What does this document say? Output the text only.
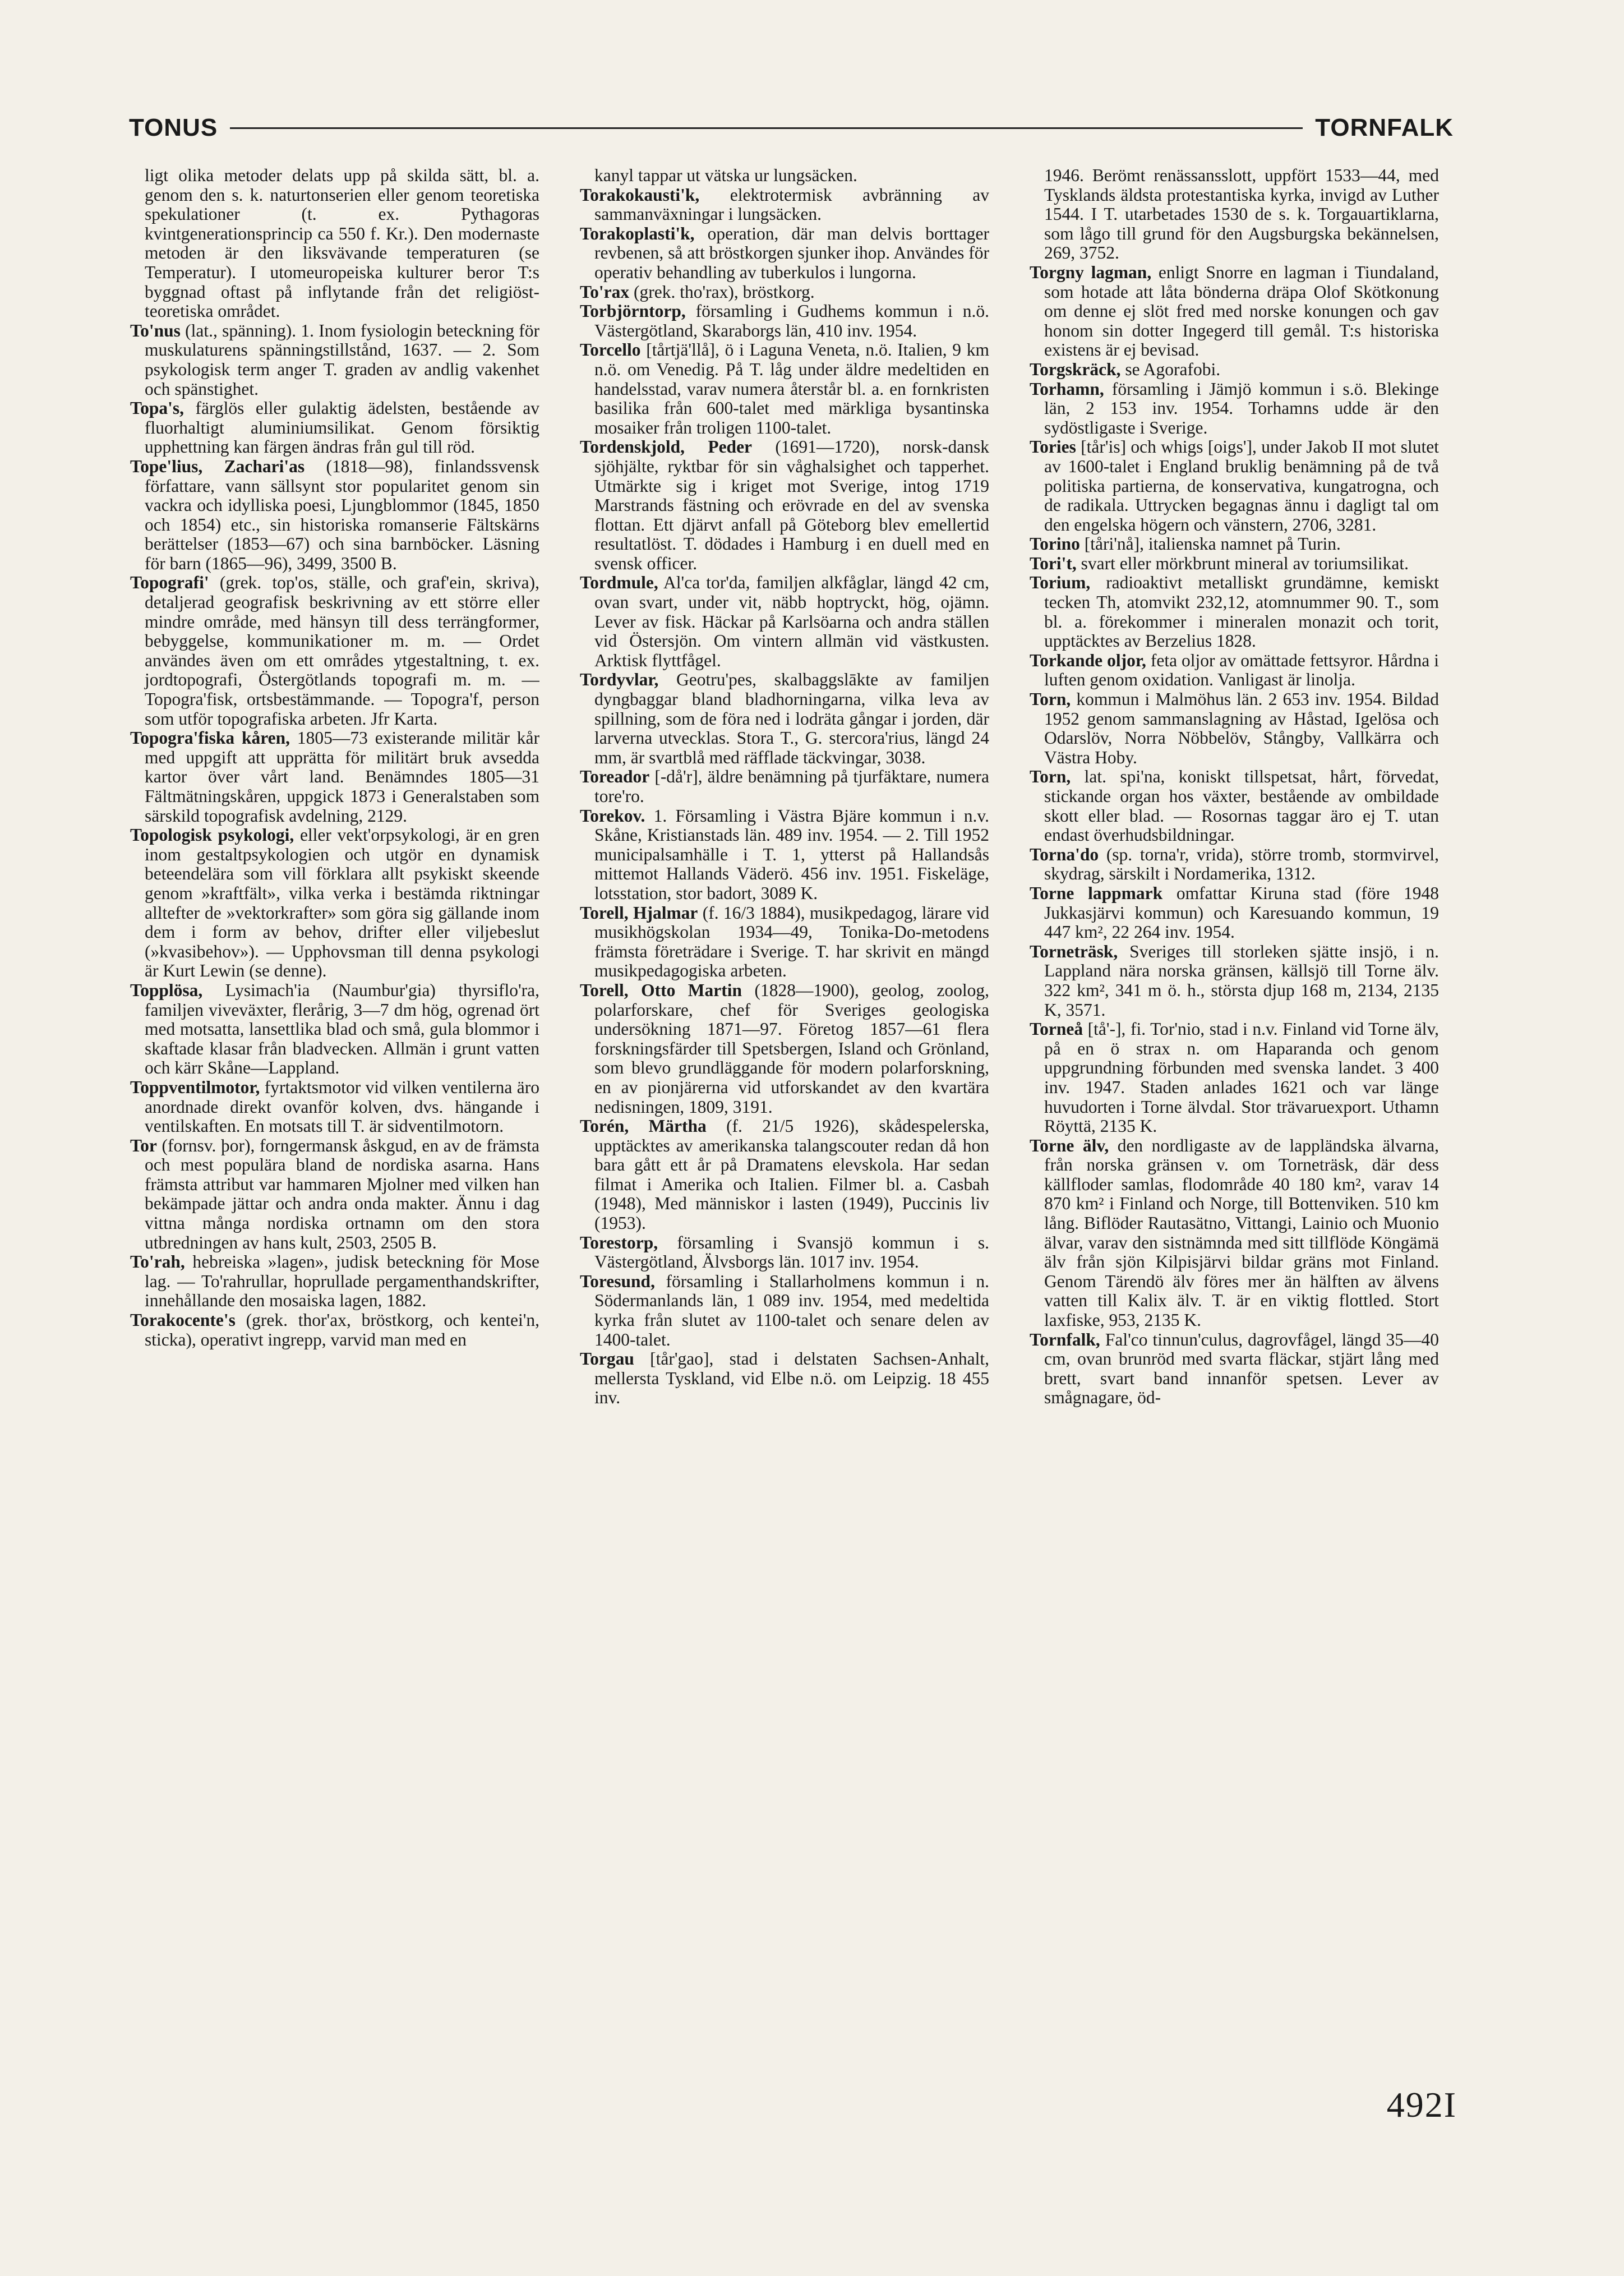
TONUS	TORNFALK

ligt olika metoder delats upp på skilda sätt, bl. a. genom den s. k. naturtonserien eller genom teoretiska spekulationer (t. ex. Pythagoras kvintgenerationsprincip ca 550 f. Kr.). Den modernaste metoden är den liksvävande temperaturen (se Temperatur). I utomeuropeiska kulturer beror T:s byggnad oftast på inflytande från det religiöst-teoretiska området.

To'nus (lat., spänning). 1. Inom fysiologin beteckning för muskulaturens spänningstillstånd, 1637. — 2. Som psykologisk term anger T. graden av andlig vakenhet och spänstighet.

Topa's, färglös eller gulaktig ädelsten, bestående av fluorhaltigt aluminiumsilikat. Genom försiktig upphettning kan färgen ändras från gul till röd.

Tope'lius, Zachari'as (1818—98), finlandssvensk författare, vann sällsynt stor popularitet genom sin vackra och idylliska poesi, Ljungblommor (1845, 1850 och 1854) etc., sin historiska romanserie Fältskärns berättelser (1853—67) och sina barnböcker. Läsning för barn (1865—96), 3499, 3500 B.

Topografi' (grek. top'os, ställe, och graf'ein, skriva), detaljerad geografisk beskrivning av ett större eller mindre område, med hänsyn till dess terrängformer, bebyggelse, kommunikationer m. m. — Ordet användes även om ett områdes ytgestaltning, t. ex. jordtopografi, Östergötlands topografi m. m. — Topogra'fisk, ortsbestämmande. — Topogra'f, person som utför topografiska arbeten. Jfr Karta.

Topogra'fiska kåren, 1805—73 existerande militär kår med uppgift att upprätta för militärt bruk avsedda kartor över vårt land. Benämndes 1805—31 Fältmätningskåren, uppgick 1873 i Generalstaben som särskild topografisk avdelning, 2129.

Topologisk psykologi, eller vekt'orpsykologi, är en gren inom gestaltpsykologien och utgör en dynamisk beteendelära som vill förklara allt psykiskt skeende genom »kraftfält», vilka verka i bestämda riktningar alltefter de »vektorkrafter» som göra sig gällande inom dem i form av behov, drifter eller viljebeslut (»kvasibehov»). — Upphovsman till denna psykologi är Kurt Lewin (se denne).

Topplösa, Lysimach'ia (Naumbur'gia) thyrsiflo'ra, familjen viveväxter, flerårig, 3—7 dm hög, ogrenad ört med motsatta, lansettlika blad och små, gula blommor i skaftade klasar från bladvecken. Allmän i grunt vatten och kärr Skåne—Lappland.

Toppventilmotor, fyrtaktsmotor vid vilken ventilerna äro anordnade direkt ovanför kolven, dvs. hängande i ventilskaften. En motsats till T. är sidventilmotorn.

Tor (fornsv. þor), forngermansk åskgud, en av de främsta och mest populära bland de nordiska asarna. Hans främsta attribut var hammaren Mjolner med vilken han bekämpade jättar och andra onda makter. Ännu i dag vittna många nordiska ortnamn om den stora utbredningen av hans kult, 2503, 2505 B.

To'rah, hebreiska »lagen», judisk beteckning för Mose lag. — To'rahrullar, hoprullade pergamenthandskrifter, innehållande den mosaiska lagen, 1882.

Torakocente's (grek. thor'ax, bröstkorg, och kentei'n, sticka), operativt ingrepp, varvid man med en

kanyl tappar ut vätska ur lungsäcken.

Torakokausti'k, elektrotermisk avbränning av sammanväxningar i lungsäcken.

Torakoplasti'k, operation, där man delvis borttager revbenen, så att bröstkorgen sjunker ihop. Användes för operativ behandling av tuberkulos i lungorna.

To'rax (grek. tho'rax), bröstkorg.

Torbjörntorp, församling i Gudhems kommun i n.ö. Västergötland, Skaraborgs län, 410 inv. 1954.

Torcello [tårtjä'llå], ö i Laguna Veneta, n.ö. Italien, 9 km n.ö. om Venedig. På T. låg under äldre medeltiden en handelsstad, varav numera återstår bl. a. en fornkristen basilika från 600-talet med märkliga bysantinska mosaiker från troligen 1100-talet.

Tordenskjold, Peder (1691—1720), norsk-dansk sjöhjälte, ryktbar för sin våghalsighet och tapperhet. Utmärkte sig i kriget mot Sverige, intog 1719 Marstrands fästning och erövrade en del av svenska flottan. Ett djärvt anfall på Göteborg blev emellertid resultatlöst. T. dödades i Hamburg i en duell med en svensk officer.

Tordmule, Al'ca tor'da, familjen alkfåglar, längd 42 cm, ovan svart, under vit, näbb hoptryckt, hög, ojämn. Lever av fisk. Häckar på Karlsöarna och andra ställen vid Östersjön. Om vintern allmän vid västkusten. Arktisk flyttfågel.

Tordyvlar, Geotru'pes, skalbaggslākte av familjen dyngbaggar bland bladhorningarna, vilka leva av spillning, som de föra ned i lodräta gångar i jorden, där larverna utvecklas. Stora T., G. stercora'rius, längd 24 mm, är svartblå med räfflade täckvingar, 3038.

Toreador [-då'r], äldre benämning på tjurfäktare, numera tore'ro.

Torekov. 1. Församling i Västra Bjäre kommun i n.v. Skåne, Kristianstads län. 489 inv. 1954. — 2. Till 1952 municipalsamhälle i T. 1, ytterst på Hallandsås mittemot Hallands Väderö. 456 inv. 1951. Fiskeläge, lotsstation, stor badort, 3089 K.

Torell, Hjalmar (f. 16/3 1884), musikpedagog, lärare vid musikhögskolan 1934—49, Tonika-Do-metodens främsta företrädare i Sverige. T. har skrivit en mängd musikpedagogiska arbeten.

Torell, Otto Martin (1828—1900), geolog, zoolog, polarforskare, chef för Sveriges geologiska undersökning 1871—97. Företog 1857—61 flera forskningsfärder till Spetsbergen, Island och Grönland, som blevo grundläggande för modern polarforskning, en av pionjärerna vid utforskandet av den kvartära nedisningen, 1809, 3191.

Torén, Märtha (f. 21/5 1926), skådespelerska, upptäcktes av amerikanska talangscouter redan då hon bara gått ett år på Dramatens elevskola. Har sedan filmat i Amerika och Italien. Filmer bl. a. Casbah (1948), Med människor i lasten (1949), Puccinis liv (1953).

Torestorp, församling i Svansjö kommun i s. Västergötland, Älvsborgs län. 1017 inv. 1954.

Toresund, församling i Stallarholmens kommun i n. Södermanlands län, 1 089 inv. 1954, med medeltida kyrka från slutet av 1100-talet och senare delen av 1400-talet.

Torgau [tår'gao], stad i delstaten Sachsen-Anhalt, mellersta Tyskland, vid Elbe n.ö. om Leipzig. 18 455 inv.

1946. Berömt renässansslott, uppfört 1533—44, med Tysklands äldsta protestantiska kyrka, invigd av Luther 1544. I T. utarbetades 1530 de s. k. Torgauartiklarna, som lågo till grund för den Augsburgska bekännelsen, 269, 3752.

Torgny lagman, enligt Snorre en lagman i Tiundaland, som hotade att låta bönderna dräpa Olof Skötkonung om denne ej slöt fred med norske konungen och gav honom sin dotter Ingegerd till gemål. T:s historiska existens är ej bevisad.

Torgskräck, se Agorafobi.

Torhamn, församling i Jämjö kommun i s.ö. Blekinge län, 2 153 inv. 1954. Torhamns udde är den sydöstligaste i Sverige.

Tories [tår'is] och whigs [oigs'], under Jakob II mot slutet av 1600-talet i England bruklig benämning på de två politiska partierna, de konservativa, kungatrogna, och de radikala. Uttrycken begagnas ännu i dagligt tal om den engelska högern och vänstern, 2706, 3281.

Torino [tåri'nå], italienska namnet på Turin.

Tori't, svart eller mörkbrunt mineral av toriumsilikat.

Torium, radioaktivt metalliskt grundämne, kemiskt tecken Th, atomvikt 232,12, atomnummer 90. T., som bl. a. förekommer i mineralen monazit och torit, upptäcktes av Berzelius 1828.

Torkande oljor, feta oljor av omättade fettsyror. Hårdna i luften genom oxidation. Vanligast är linolja.

Torn, kommun i Malmöhus län. 2 653 inv. 1954. Bildad 1952 genom sammanslagning av Håstad, Igelösa och Odarslöv, Norra Nöbbelöv, Stångby, Vallkärra och Västra Hoby.

Torn, lat. spi'na, koniskt tillspetsat, hårt, förvedat, stickande organ hos växter, bestående av ombildade skott eller blad. — Rosornas taggar äro ej T. utan endast överhudsbildningar.

Torna'do (sp. torna'r, vrida), större tromb, stormvirvel, skydrag, särskilt i Nordamerika, 1312.

Torne lappmark omfattar Kiruna stad (före 1948 Jukkasjärvi kommun) och Karesuando kommun, 19 447 km², 22 264 inv. 1954.

Torneträsk, Sveriges till storleken sjätte insjö, i n. Lappland nära norska gränsen, källsjö till Torne älv. 322 km², 341 m ö. h., största djup 168 m, 2134, 2135 K, 3571.

Torneå [tå'-], fi. Tor'nio, stad i n.v. Finland vid Torne älv, på en ö strax n. om Haparanda och genom uppgrundning förbunden med svenska landet. 3 400 inv. 1947. Staden anlades 1621 och var länge huvudorten i Torne älvdal. Stor trävaruexport. Uthamn Röyttä, 2135 K.

Torne älv, den nordligaste av de lappländska älvarna, från norska gränsen v. om Torneträsk, där dess källfloder samlas, flodområde 40 180 km², varav 14 870 km² i Finland och Norge, till Bottenviken. 510 km lång. Biflöder Rautasätno, Vittangi, Lainio och Muonio älvar, varav den sistnämnda med sitt tillflöde Köngämä älv från sjön Kilpisjärvi bildar gräns mot Finland. Genom Tärendö älv föres mer än hälften av älvens vatten till Kalix älv. T. är en viktig flottled. Stort laxfiske, 953, 2135 K.

Tornfalk, Fal'co tinnun'culus, dagrovfågel, längd 35—40 cm, ovan brunröd med svarta fläckar, stjärt lång med brett, svart band innanför spetsen. Lever av smågnagare, öd-

492I
